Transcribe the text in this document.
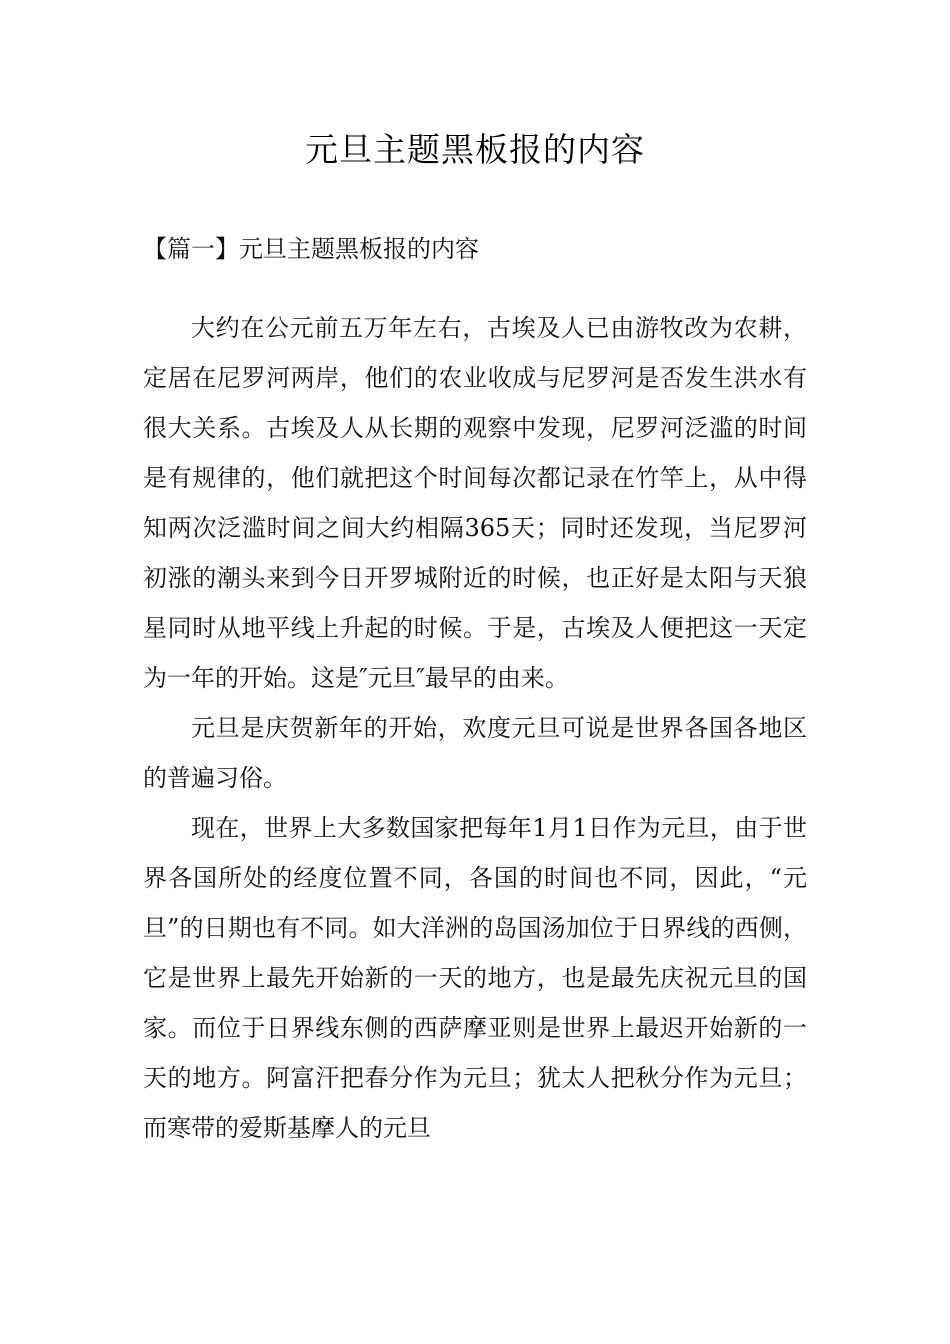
元旦主题黑板报的内容
【篇一】元旦主题黑板报的内容

大约在公元前五万年左右，古埃及人已由游牧改为农耕，定居在尼罗河两岸，他们的农业收成与尼罗河是否发生洪水有很大关系。古埃及人从长期的观察中发现，尼罗河泛滥的时间是有规律的，他们就把这个时间每次都记录在竹竿上，从中得知两次泛滥时间之间大约相隔365天；同时还发现，当尼罗河初涨的潮头来到今日开罗城附近的时候，也正好是太阳与天狼星同时从地平线上升起的时候。于是，古埃及人便把这一天定为一年的开始。这是″元旦″最早的由来。

元旦是庆贺新年的开始，欢度元旦可说是世界各国各地区的普遍习俗。

现在，世界上大多数国家把每年1月1日作为元旦，由于世界各国所处的经度位置不同，各国的时间也不同，因此，“元旦”的日期也有不同。如大洋洲的岛国汤加位于日界线的西侧，它是世界上最先开始新的一天的地方，也是最先庆祝元旦的国家。而位于日界线东侧的西萨摩亚则是世界上最迟开始新的一天的地方。阿富汗把春分作为元旦；犹太人把秋分作为元旦；而寒带的爱斯基摩人的元旦
